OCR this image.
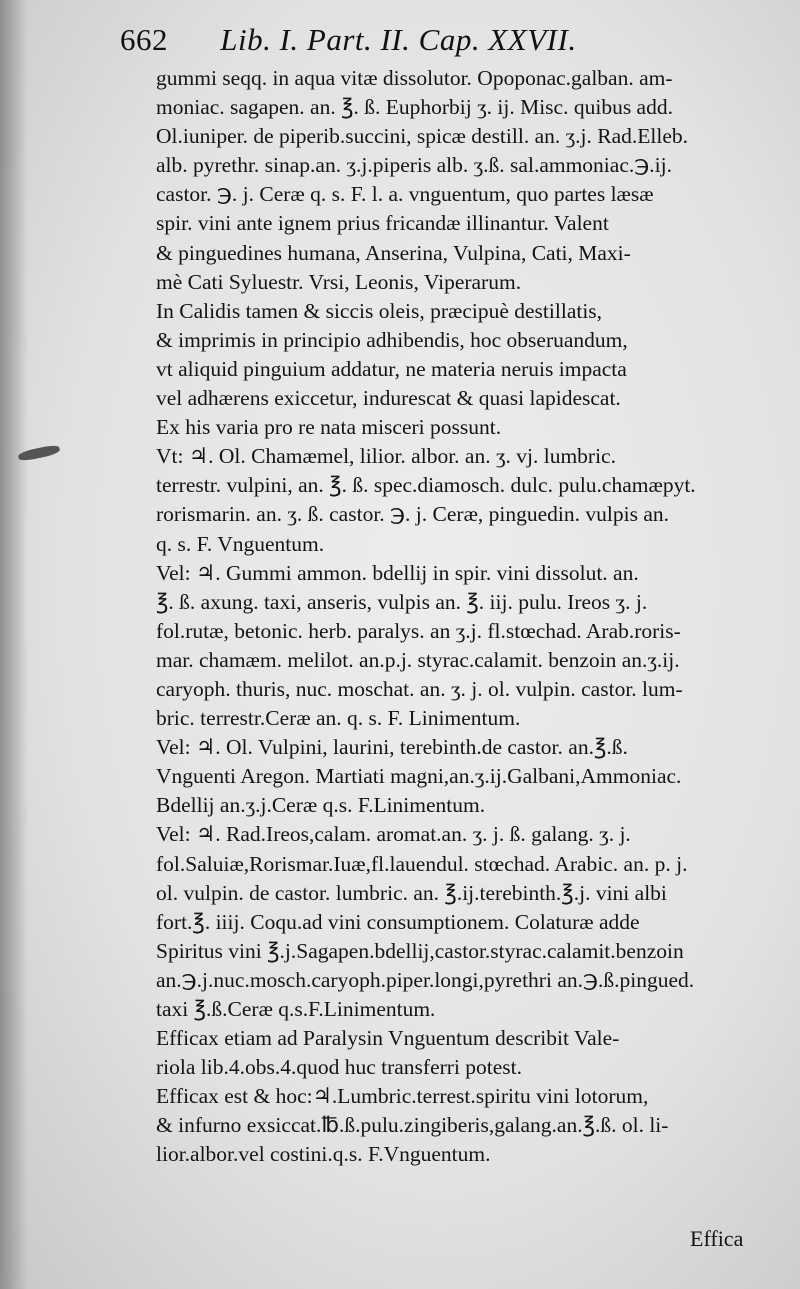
662 Lib. I. Part. II. Cap. XXVII.
gummi seqq. in aqua vitæ dissolutor. Opoponac.galban. am-
moniac. sagapen. an. ℥. ß. Euphorbij ʒ. ij. Misc. quibus add.
Ol.iuniper. de piperib.succini, spicæ destill. an. ʒ.j. Rad.Elleb.
alb. pyrethr. sinap.an. ʒ.j.piperis alb. ʒ.ß. sal.ammoniac.℈.ij.
castor. ℈. j. Ceræ q. s. F. l. a. vnguentum, quo partes læsæ
spir. vini ante ignem prius fricandæ illinantur. Valent
& pinguedines humana, Anserina, Vulpina, Cati, Maxi-
mè Cati Syluestr. Vrsi, Leonis, Viperarum.
In Calidis tamen & siccis oleis, præcipuè destillatis,
& imprimis in principio adhibendis, hoc obseruandum,
vt aliquid pinguium addatur, ne materia neruis impacta
vel adhærens exiccetur, indurescat & quasi lapidescat.
Ex his varia pro re nata misceri possunt.
Vt: ♃. Ol. Chamæmel, lilior. albor. an. ʒ. vj. lumbric.
terrestr. vulpini, an. ℥. ß. spec.diamosch. dulc. pulu.chamæpyt.
rorismarin. an. ʒ. ß. castor. ℈. j. Ceræ, pinguedin. vulpis an.
q. s. F. Vnguentum.
Vel: ♃. Gummi ammon. bdellij in spir. vini dissolut. an.
℥. ß. axung. taxi, anseris, vulpis an. ℥. iij. pulu. Ireos ʒ. j.
fol.rutæ, betonic. herb. paralys. an ʒ.j. fl.stœchad. Arab.roris-
mar. chamæm. melilot. an.p.j. styrac.calamit. benzoin an.ʒ.ij.
caryoph. thuris, nuc. moschat. an. ʒ. j. ol. vulpin. castor. lum-
bric. terrestr.Ceræ an. q. s. F. Linimentum.
Vel: ♃. Ol. Vulpini, laurini, terebinth.de castor. an.℥.ß.
Vnguenti Aregon. Martiati magni,an.ʒ.ij.Galbani,Ammoniac.
Bdellij an.ʒ.j.Ceræ q.s. F.Linimentum.
Vel: ♃. Rad.Ireos,calam. aromat.an. ʒ. j. ß. galang. ʒ. j.
fol.Saluiæ,Rorismar.Iuæ,fl.lauendul. stœchad. Arabic. an. p. j.
ol. vulpin. de castor. lumbric. an. ℥.ij.terebinth.℥.j. vini albi
fort.℥. iiij. Coqu.ad vini consumptionem. Colaturæ adde
Spiritus vini ℥.j.Sagapen.bdellij,castor.styrac.calamit.benzoin
an.℈.j.nuc.mosch.caryoph.piper.longi,pyrethri an.℈.ß.pingued.
taxi ℥.ß.Ceræ q.s.F.Linimentum.
Efficax etiam ad Paralysin Vnguentum describit Vale-
riola lib.4.obs.4.quod huc transferri potest.
Efficax est & hoc:♃.Lumbric.terrest.spiritu vini lotorum,
& infurno exsiccat.℔.ß.pulu.zingiberis,galang.an.℥.ß. ol. li-
lior.albor.vel costini.q.s. F.Vnguentum.
Effica
